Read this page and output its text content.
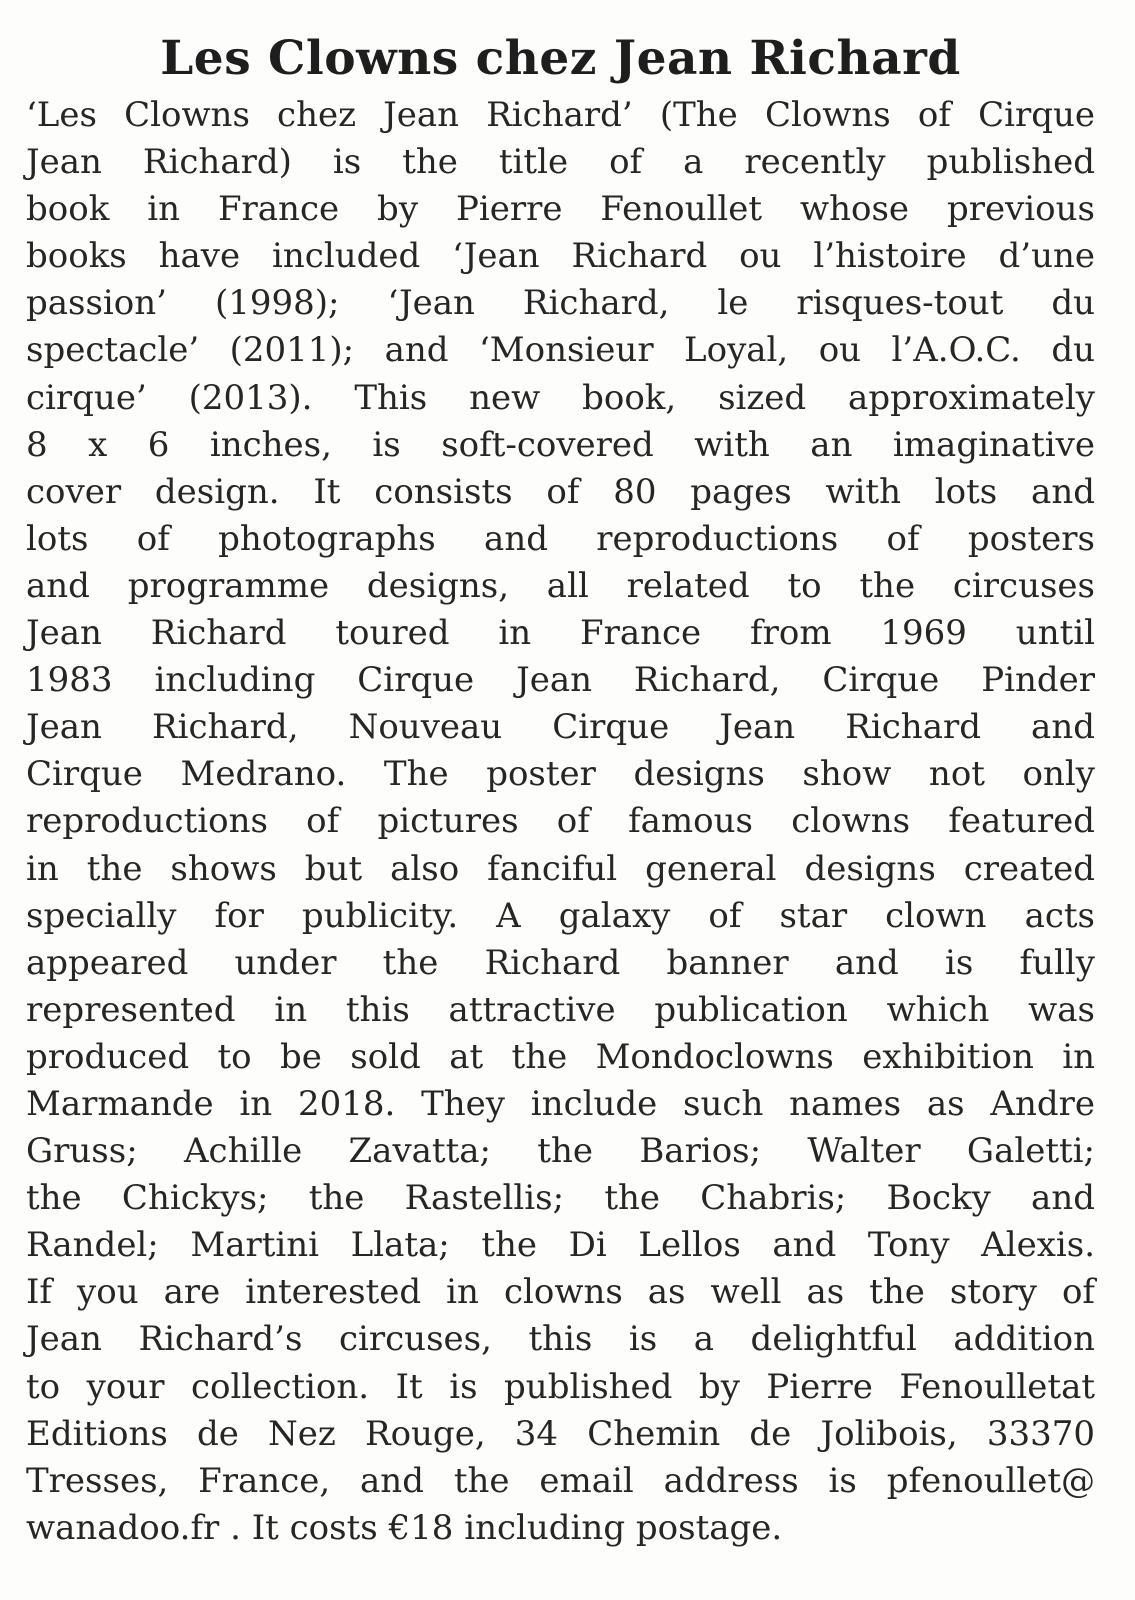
Les Clowns chez Jean Richard
‘Les Clowns chez Jean Richard’ (The Clowns of Cirque
Jean Richard) is the title of a recently published
book in France by Pierre Fenoullet whose previous
books have included ‘Jean Richard ou l’histoire d’une
passion’ (1998); ‘Jean Richard, le risques-tout du
spectacle’ (2011); and ‘Monsieur Loyal, ou l’A.O.C. du
cirque’ (2013). This new book, sized approximately
8 x 6 inches, is soft-covered with an imaginative
cover design. It consists of 80 pages with lots and
lots of photographs and reproductions of posters
and programme designs, all related to the circuses
Jean Richard toured in France from 1969 until
1983 including Cirque Jean Richard, Cirque Pinder
Jean Richard, Nouveau Cirque Jean Richard and
Cirque Medrano. The poster designs show not only
reproductions of pictures of famous clowns featured
in the shows but also fanciful general designs created
specially for publicity. A galaxy of star clown acts
appeared under the Richard banner and is fully
represented in this attractive publication which was
produced to be sold at the Mondoclowns exhibition in
Marmande in 2018. They include such names as Andre
Gruss; Achille Zavatta; the Barios; Walter Galetti;
the Chickys; the Rastellis; the Chabris; Bocky and
Randel; Martini Llata; the Di Lellos and Tony Alexis.
If you are interested in clowns as well as the story of
Jean Richard’s circuses, this is a delightful addition
to your collection. It is published by Pierre Fenoulletat
Editions de Nez Rouge, 34 Chemin de Jolibois, 33370
Tresses, France, and the email address is pfenoullet@
wanadoo.fr . It costs €18 including postage.
